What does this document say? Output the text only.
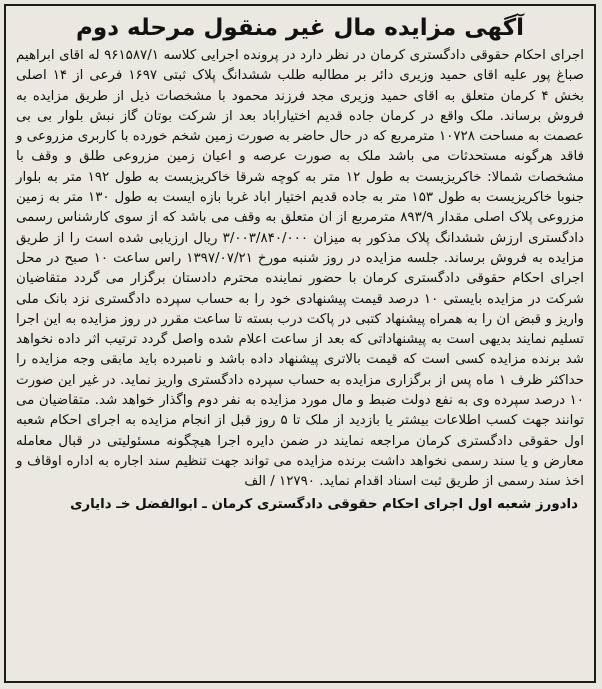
آگهی مزایده مال غیر منقول مرحله دوم

اجرای احکام حقوقی دادگستری کرمان در نظر دارد در پرونده اجرایی کلاسه ۹۶۱۵۸۷/۱ له اقای ابراهیم صباغ پور علیه اقای حمید وزیری دائر بر مطالبه طلب ششدانگ پلاک ثبتی ۱۶۹۷ فرعی از ۱۴ اصلی بخش ۴ کرمان متعلق به اقای حمید وزیری مجد فرزند محمود با مشخصات ذیل از طریق مزایده به فروش برساند. ملک واقع در کرمان جاده قدیم اختیاراباد بعد از شرکت بوتان گاز نبش بلوار بی بی عصمت به مساحت ۱۰۷۲۸ مترمربع که در حال حاضر به صورت زمین شخم خورده با کاربری مزروعی و فاقد هرگونه مستحدثات می باشد ملک به صورت عرصه و اعیان زمین مزروعی طلق و وقف با مشخصات شمالا: خاکریزیست به طول ۱۲ متر به کوچه شرقا خاکریزیست به طول ۱۹۲ متر به بلوار جنوبا خاکریزیست به طول ۱۵۳ متر به جاده قدیم اختیار اباد غربا بازه ایست به طول ۱۳۰ متر به زمین مزروعی پلاک اصلی مقدار ۸۹۳/۹ مترمربع از ان متعلق به وقف می باشد که از سوی کارشناس رسمی دادگستری ارزش ششدانگ پلاک مذکور به میزان ۳/۰۰۳/۸۴۰/۰۰۰ ریال ارزیابی شده است را از طریق مزایده به فروش برساند. جلسه مزایده در روز شنبه مورخ ۱۳۹۷/۰۷/۲۱ راس ساعت ۱۰ صبح در محل اجرای احکام حقوقی دادگستری کرمان با حضور نماینده محترم دادستان برگزار می گردد متقاضیان شرکت در مزایده بایستی ۱۰ درصد قیمت پیشنهادی خود را به حساب سپرده دادگستری نزد بانک ملی واریز و قبض ان را به همراه پیشنهاد کتبی در پاکت درب بسته تا ساعت مقرر در روز مزایده به این اجرا تسلیم نمایند بدیهی است به پیشنهاداتی که بعد از ساعت اعلام شده واصل گردد ترتیب اثر داده نخواهد شد برنده مزایده کسی است که قیمت بالاتری پیشنهاد داده باشد و نامبرده باید مابقی وجه مزایده را حداکثر ظرف ۱ ماه پس از برگزاری مزایده به حساب سپرده دادگستری واریز نماید. در غیر این صورت ۱۰ درصد سپرده وی به نفع دولت ضبط و مال مورد مزایده به نفر دوم واگذار خواهد شد. متقاضیان می توانند جهت کسب اطلاعات بیشتر یا بازدید از ملک تا ۵ روز قبل از انجام مزایده به اجرای احکام شعبه اول حقوقی دادگستری کرمان مراجعه نمایند در ضمن دایره اجرا هیچگونه مسئولیتی در قبال معامله معارض و یا سند رسمی نخواهد داشت برنده مزایده می تواند جهت تنظیم سند اجاره به اداره اوقاف و اخذ سند رسمی از طریق ثبت اسناد اقدام نماید. ۱۲۷۹۰ / الف

دادورز شعبه اول اجرای احکام حقوقی دادگستری کرمان ـ ابوالفضل خـ دایاری
